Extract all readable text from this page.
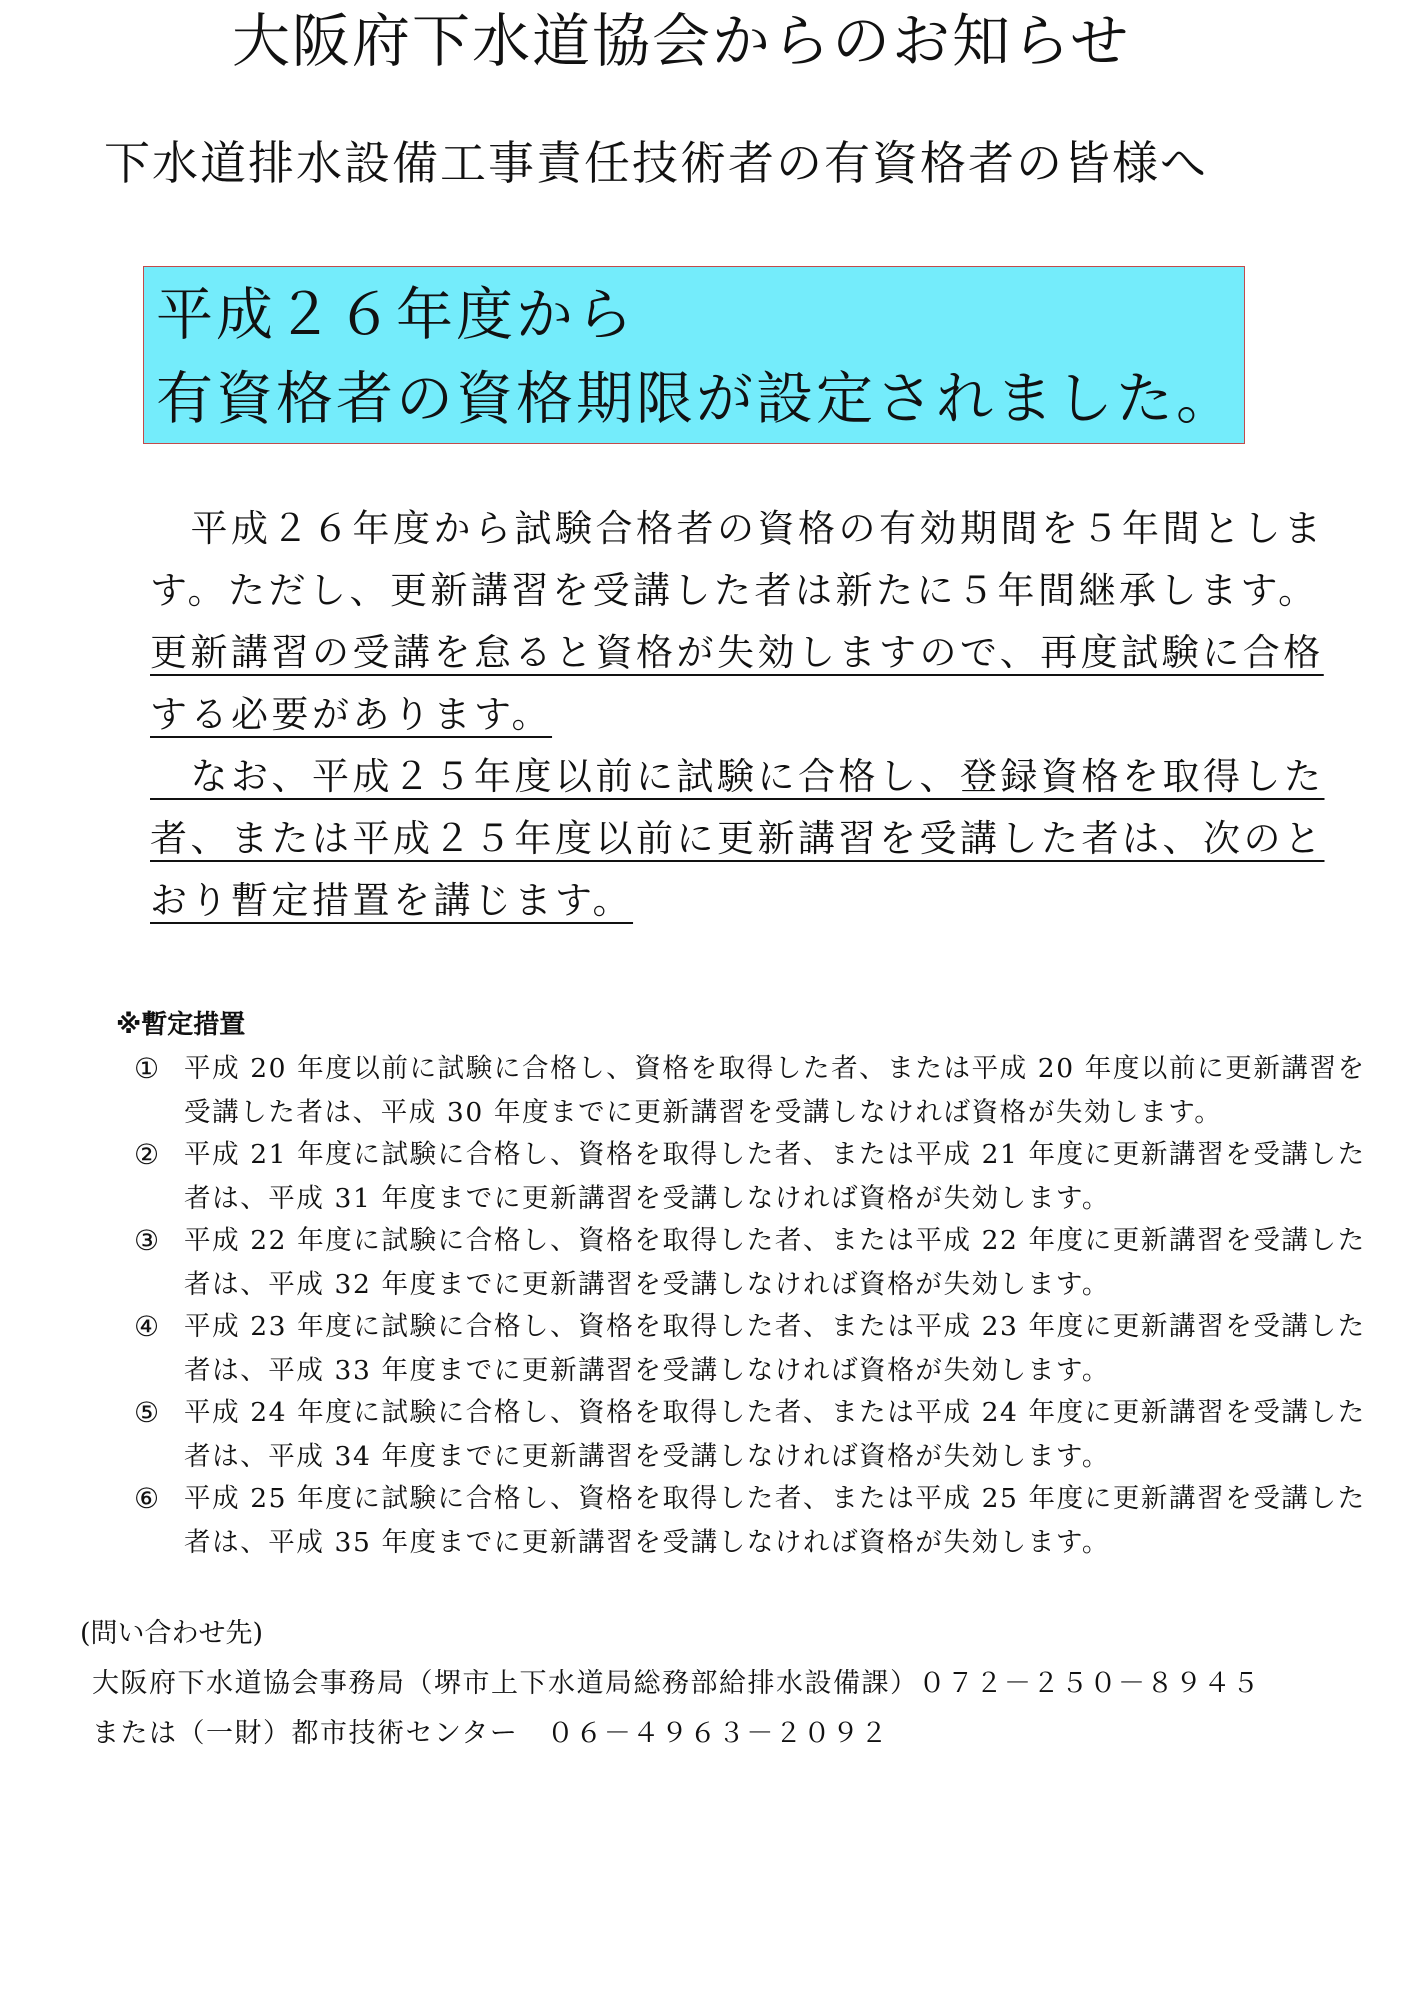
大阪府下水道協会からのお知らせ
下水道排水設備工事責任技術者の有資格者の皆様へ
平成２６年度から
有資格者の資格期限が設定されました。
　平成２６年度から試験合格者の資格の有効期間を５年間としま
す。ただし、更新講習を受講した者は新たに５年間継承します。
更新講習の受講を怠ると資格が失効しますので、再度試験に合格
する必要があります。
　なお、平成２５年度以前に試験に合格し、登録資格を取得した
者、または平成２５年度以前に更新講習を受講した者は、次のと
おり暫定措置を講じます。
※暫定措置
① 平成 20 年度以前に試験に合格し、資格を取得した者、または平成 20 年度以前に更新講習を
受講した者は、平成 30 年度までに更新講習を受講しなければ資格が失効します。
② 平成 21 年度に試験に合格し、資格を取得した者、または平成 21 年度に更新講習を受講した
者は、平成 31 年度までに更新講習を受講しなければ資格が失効します。
③ 平成 22 年度に試験に合格し、資格を取得した者、または平成 22 年度に更新講習を受講した
者は、平成 32 年度までに更新講習を受講しなければ資格が失効します。
④ 平成 23 年度に試験に合格し、資格を取得した者、または平成 23 年度に更新講習を受講した
者は、平成 33 年度までに更新講習を受講しなければ資格が失効します。
⑤ 平成 24 年度に試験に合格し、資格を取得した者、または平成 24 年度に更新講習を受講した
者は、平成 34 年度までに更新講習を受講しなければ資格が失効します。
⑥ 平成 25 年度に試験に合格し、資格を取得した者、または平成 25 年度に更新講習を受講した
者は、平成 35 年度までに更新講習を受講しなければ資格が失効します。
(問い合わせ先)
大阪府下水道協会事務局（堺市上下水道局総務部給排水設備課）０７２－２５０－８９４５
または（一財）都市技術センター　０６－４９６３－２０９２
